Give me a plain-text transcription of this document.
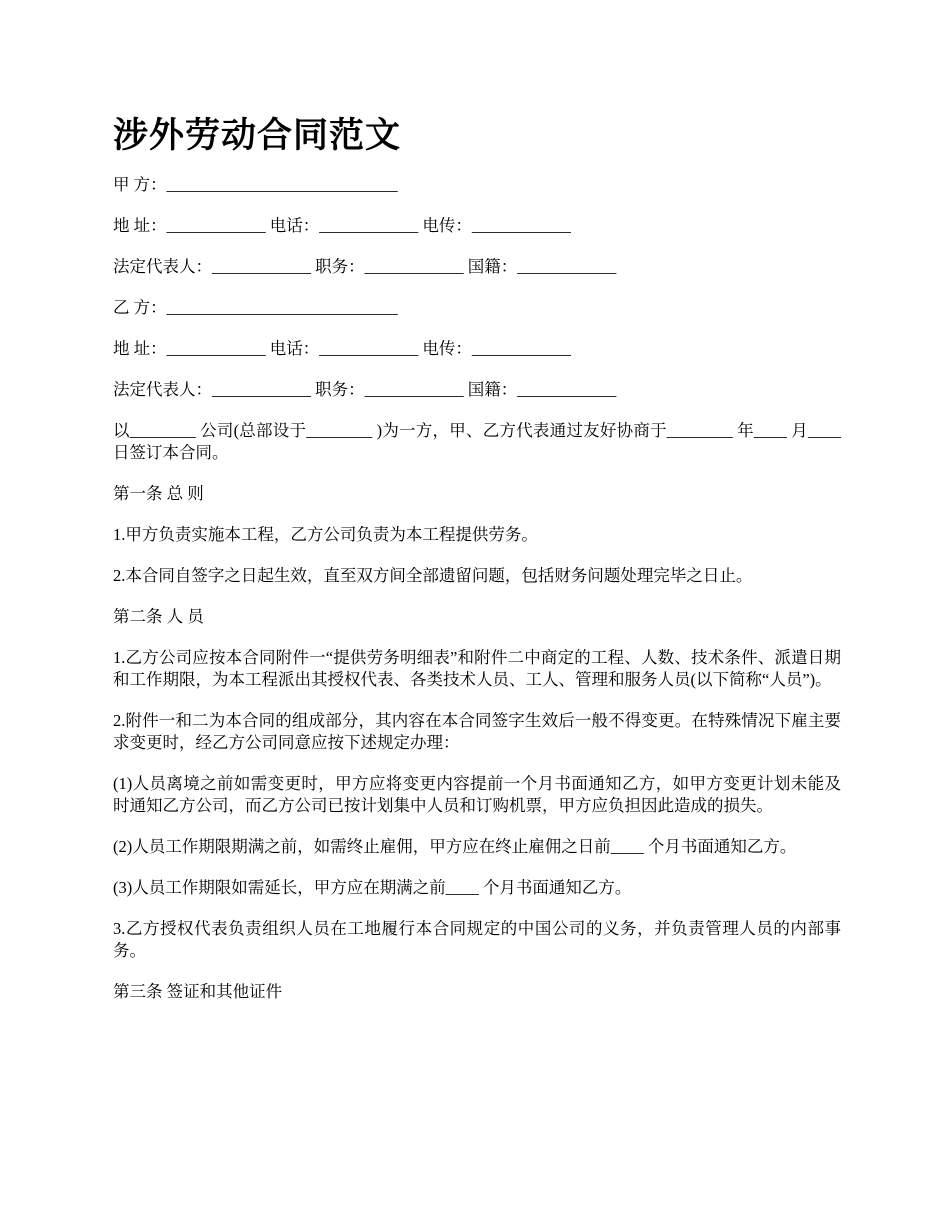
涉外劳动合同范文
甲 方：____________________________
地 址：____________ 电话：____________ 电传：____________
法定代表人：____________ 职务：____________ 国籍：____________
乙 方：____________________________
地 址：____________ 电话：____________ 电传：____________
法定代表人：____________ 职务：____________ 国籍：____________

以________ 公司(总部设于________ )为一方，甲、乙方代表通过友好协商于________ 年____ 月____ 日签订本合同。

第一条 总 则

1.甲方负责实施本工程，乙方公司负责为本工程提供劳务。

2.本合同自签字之日起生效，直至双方间全部遗留问题，包括财务问题处理完毕之日止。

第二条 人 员

1.乙方公司应按本合同附件一“提供劳务明细表”和附件二中商定的工程、人数、技术条件、派遣日期和工作期限，为本工程派出其授权代表、各类技术人员、工人、管理和服务人员(以下简称“人员”)。

2.附件一和二为本合同的组成部分，其内容在本合同签字生效后一般不得变更。在特殊情况下雇主要求变更时，经乙方公司同意应按下述规定办理：

(1)人员离境之前如需变更时，甲方应将变更内容提前一个月书面通知乙方，如甲方变更计划未能及时通知乙方公司，而乙方公司已按计划集中人员和订购机票，甲方应负担因此造成的损失。

(2)人员工作期限期满之前，如需终止雇佣，甲方应在终止雇佣之日前____ 个月书面通知乙方。

(3)人员工作期限如需延长，甲方应在期满之前____ 个月书面通知乙方。

3.乙方授权代表负责组织人员在工地履行本合同规定的中国公司的义务，并负责管理人员的内部事务。

第三条 签证和其他证件
